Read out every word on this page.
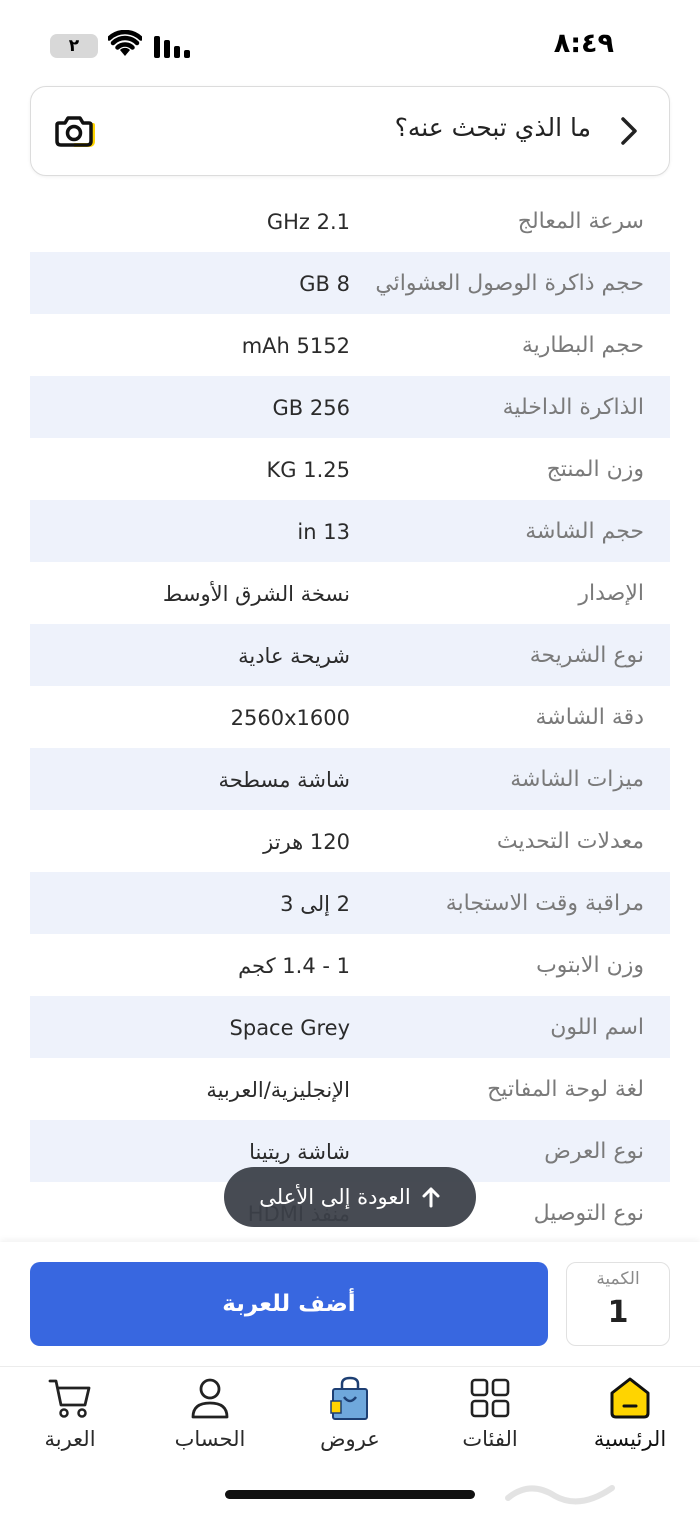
٨:٤٩
٢
ما الذي تبحث عنه؟
سرعة المعالج
2.1 GHz
حجم ذاكرة الوصول العشوائي
8 GB
حجم البطارية
5152 mAh
الذاكرة الداخلية
256 GB
وزن المنتج
1.25 KG
حجم الشاشة
13 in
الإصدار
نسخة الشرق الأوسط
نوع الشريحة
شريحة عادية
دقة الشاشة
2560x1600
ميزات الشاشة
شاشة مسطحة
معدلات التحديث
120 هرتز
مراقبة وقت الاستجابة
2 إلى 3
وزن الابتوب
1 - 1.4 كجم
اسم اللون
Space Grey
لغة لوحة المفاتيح
الإنجليزية/العربية
نوع العرض
شاشة ريتينا
نوع التوصيل
العودة إلى الأعلى
أضف للعربة
الكمية
1
الرئيسية
الفئات
عروض
الحساب
العربة
